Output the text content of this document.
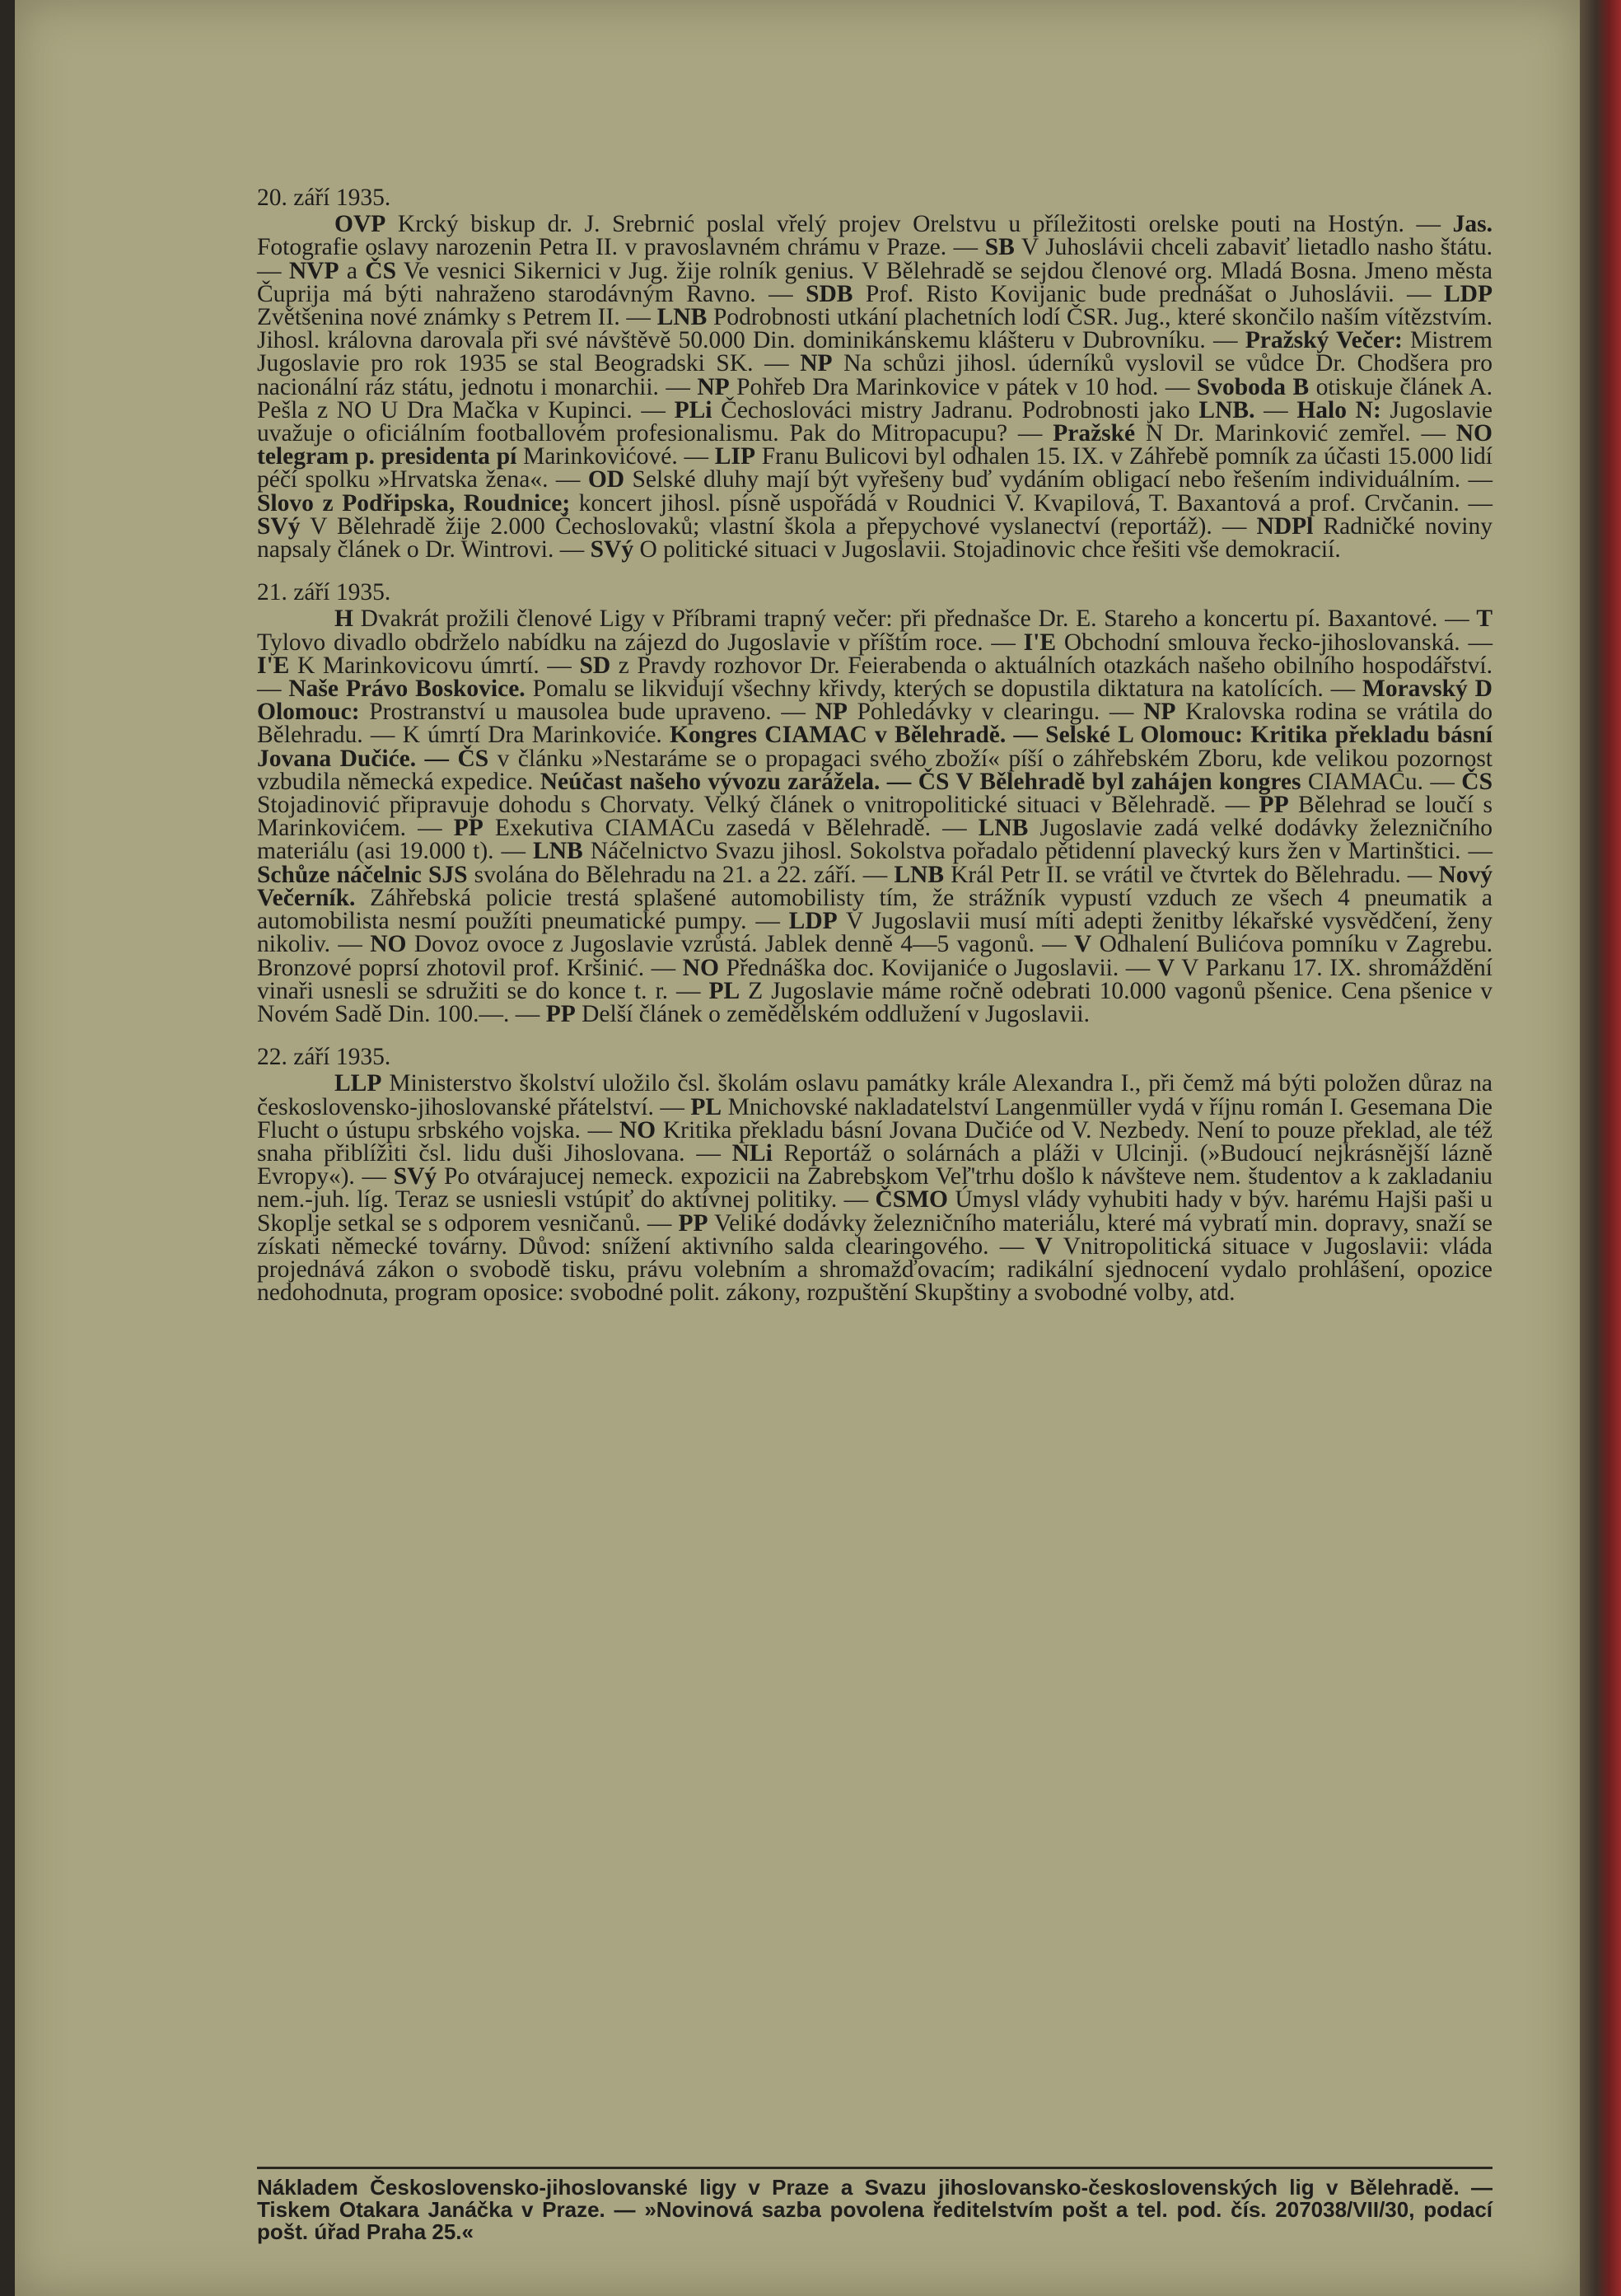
20. září 1935.

OVP Krcký biskup dr. J. Srebrnić poslal vřelý projev Orelstvu u příležitosti orelske pouti na Hostýn. — Jas. Fotografie oslavy narozenin Petra II. v pravoslavném chrámu v Praze. — SB V Juhoslávii chceli zabaviť lietadlo nasho štátu. — NVP a ČS Ve vesnici Sikernici v Jug. žije rolník genius. V Bělehradě se sejdou členové org. Mladá Bosna. Jmeno města Čuprija má býti nahraženo starodávným Ravno. — SDB Prof. Risto Kovijanic bude prednášat o Juhoslávii. — LDP Zvětšenina nové známky s Petrem II. — LNB Podrobnosti utkání plachetních lodí ČSR. Jug., které skončilo naším vítězstvím. Jihosl. královna darovala při své návštěvě 50.000 Din. dominikánskemu klášteru v Dubrovníku. — Pražský Večer: Mistrem Jugoslavie pro rok 1935 se stal Beogradski SK. — NP Na schůzi jihosl. úderníků vyslovil se vůdce Dr. Chodšera pro nacionální ráz státu, jednotu i monarchii. — NP Pohřeb Dra Marinkovice v pátek v 10 hod. — Svoboda B otiskuje článek A. Pešla z NO U Dra Mačka v Kupinci. — PLi Čechoslováci mistry Jadranu. Podrobnosti jako LNB. — Halo N: Jugoslavie uvažuje o oficiálním footballovém profesionalismu. Pak do Mitropacupu? — Pražské N Dr. Marinković zemřel. — NO telegram p. presidenta pí Marinkovićové. — LIP Franu Bulicovi byl odhalen 15. IX. v Záhřebě pomník za účasti 15.000 lidí péčí spolku »Hrvatska žena«. — OD Selské dluhy mají být vyřešeny buď vydáním obligací nebo řešením individuálním. — Slovo z Podřipska, Roudnice; koncert jihosl. písně uspořádá v Roudnici V. Kvapilová, T. Baxantová a prof. Crvčanin. — SVý V Bělehradě žije 2.000 Čechoslovaků; vlastní škola a přepychové vyslanectví (reportáž). — NDPl Radničké noviny napsaly článek o Dr. Wintrovi. — SVý O politické situaci v Jugoslavii. Stojadinovic chce řešiti vše demokracií.

21. září 1935.

H Dvakrát prožili členové Ligy v Příbrami trapný večer: při přednašce Dr. E. Stareho a koncertu pí. Baxantové. — T Tylovo divadlo obdrželo nabídku na zájezd do Jugoslavie v příštím roce. — I'E Obchodní smlouva řecko-jihoslovanská. — I'E K Marinkovicovu úmrtí. — SD z Pravdy rozhovor Dr. Feierabenda o aktuálních otazkách našeho obilního hospodářství. — Naše Právo Boskovice. Pomalu se likvidují všechny křivdy, kterých se dopustila diktatura na katolících. — Moravský D Olomouc: Prostranství u mausolea bude upraveno. — NP Pohledávky v clearingu. — NP Kralovska rodina se vrátila do Bělehradu. — K úmrtí Dra Marinkoviće. Kongres CIAMAC v Bělehradě. — Selské L Olomouc: Kritika překladu básní Jovana Dučiće. — ČS v článku »Nestaráme se o propagaci svého zboží« píší o záhřebském Zboru, kde velikou pozornost vzbudila německá expedice. Neúčast našeho vývozu zarážela. — ČS V Bělehradě byl zahájen kongres CIAMACu. — ČS Stojadinović připravuje dohodu s Chorvaty. Velký článek o vnitropolitické situaci v Bělehradě. — PP Bělehrad se loučí s Marinkovićem. — PP Exekutiva CIAMACu zasedá v Bělehradě. — LNB Jugoslavie zadá velké dodávky železničního materiálu (asi 19.000 t). — LNB Náčelnictvo Svazu jihosl. Sokolstva pořadalo pětidenní plavecký kurs žen v Martinštici. — Schůze náčelnic SJS svolána do Bělehradu na 21. a 22. září. — LNB Král Petr II. se vrátil ve čtvrtek do Bělehradu. — Nový Večerník. Záhřebská policie trestá splašené automobilisty tím, že strážník vypustí vzduch ze všech 4 pneumatik a automobilista nesmí použíti pneumatické pumpy. — LDP V Jugoslavii musí míti adepti ženitby lékařské vysvědčení, ženy nikoliv. — NO Dovoz ovoce z Jugoslavie vzrůstá. Jablek denně 4—5 vagonů. — V Odhalení Bulićova pomníku v Zagrebu. Bronzové poprsí zhotovil prof. Kršinić. — NO Přednáška doc. Kovijaniće o Jugoslavii. — V V Parkanu 17. IX. shromáždění vinaři usnesli se sdružiti se do konce t. r. — PL Z Jugoslavie máme ročně odebrati 10.000 vagonů pšenice. Cena pšenice v Novém Sadě Din. 100.—. — PP Delší článek o zemědělském oddlužení v Jugoslavii.

22. září 1935.

LLP Ministerstvo školství uložilo čsl. školám oslavu památky krále Alexandra I., při čemž má býti položen důraz na československo-jihoslovanské přátelství. — PL Mnichovské nakladatelství Langenmüller vydá v říjnu román I. Gesemana Die Flucht o ústupu srbského vojska. — NO Kritika překladu básní Jovana Dučiće od V. Nezbedy. Není to pouze překlad, ale též snaha přiblížiti čsl. lidu duši Jihoslovana. — NLi Reportáž o solárnách a pláži v Ulcinji. (»Budoucí nejkrásnější lázně Evropy«). — SVý Po otvárajucej nemeck. expozicii na Zabrebskom Veľ'trhu došlo k návšteve nem. študentov a k zakladaniu nem.-juh. líg. Teraz se usniesli vstúpiť do aktívnej politiky. — ČSMO Úmysl vlády vyhubiti hady v býv. harému Hajši paši u Skoplje setkal se s odporem vesničanů. — PP Veliké dodávky železničního materiálu, které má vybratí min. dopravy, snaží se získati německé továrny. Důvod: snížení aktivního salda clearingového. — V Vnitropolitická situace v Jugoslavii: vláda projednává zákon o svobodě tisku, právu volebním a shromažďovacím; radikální sjednocení vydalo prohlášení, opozice nedohodnuta, program oposice: svobodné polit. zákony, rozpuštění Skupštiny a svobodné volby, atd.

Nákladem Československo-jihoslovanské ligy v Praze a Svazu jihoslovansko-československých lig v Bělehradě. — Tiskem Otakara Janáčka v Praze. — »Novinová sazba povolena ředitelstvím pošt a tel. pod. čís. 207038/VII/30, podací pošt. úřad Praha 25.«
